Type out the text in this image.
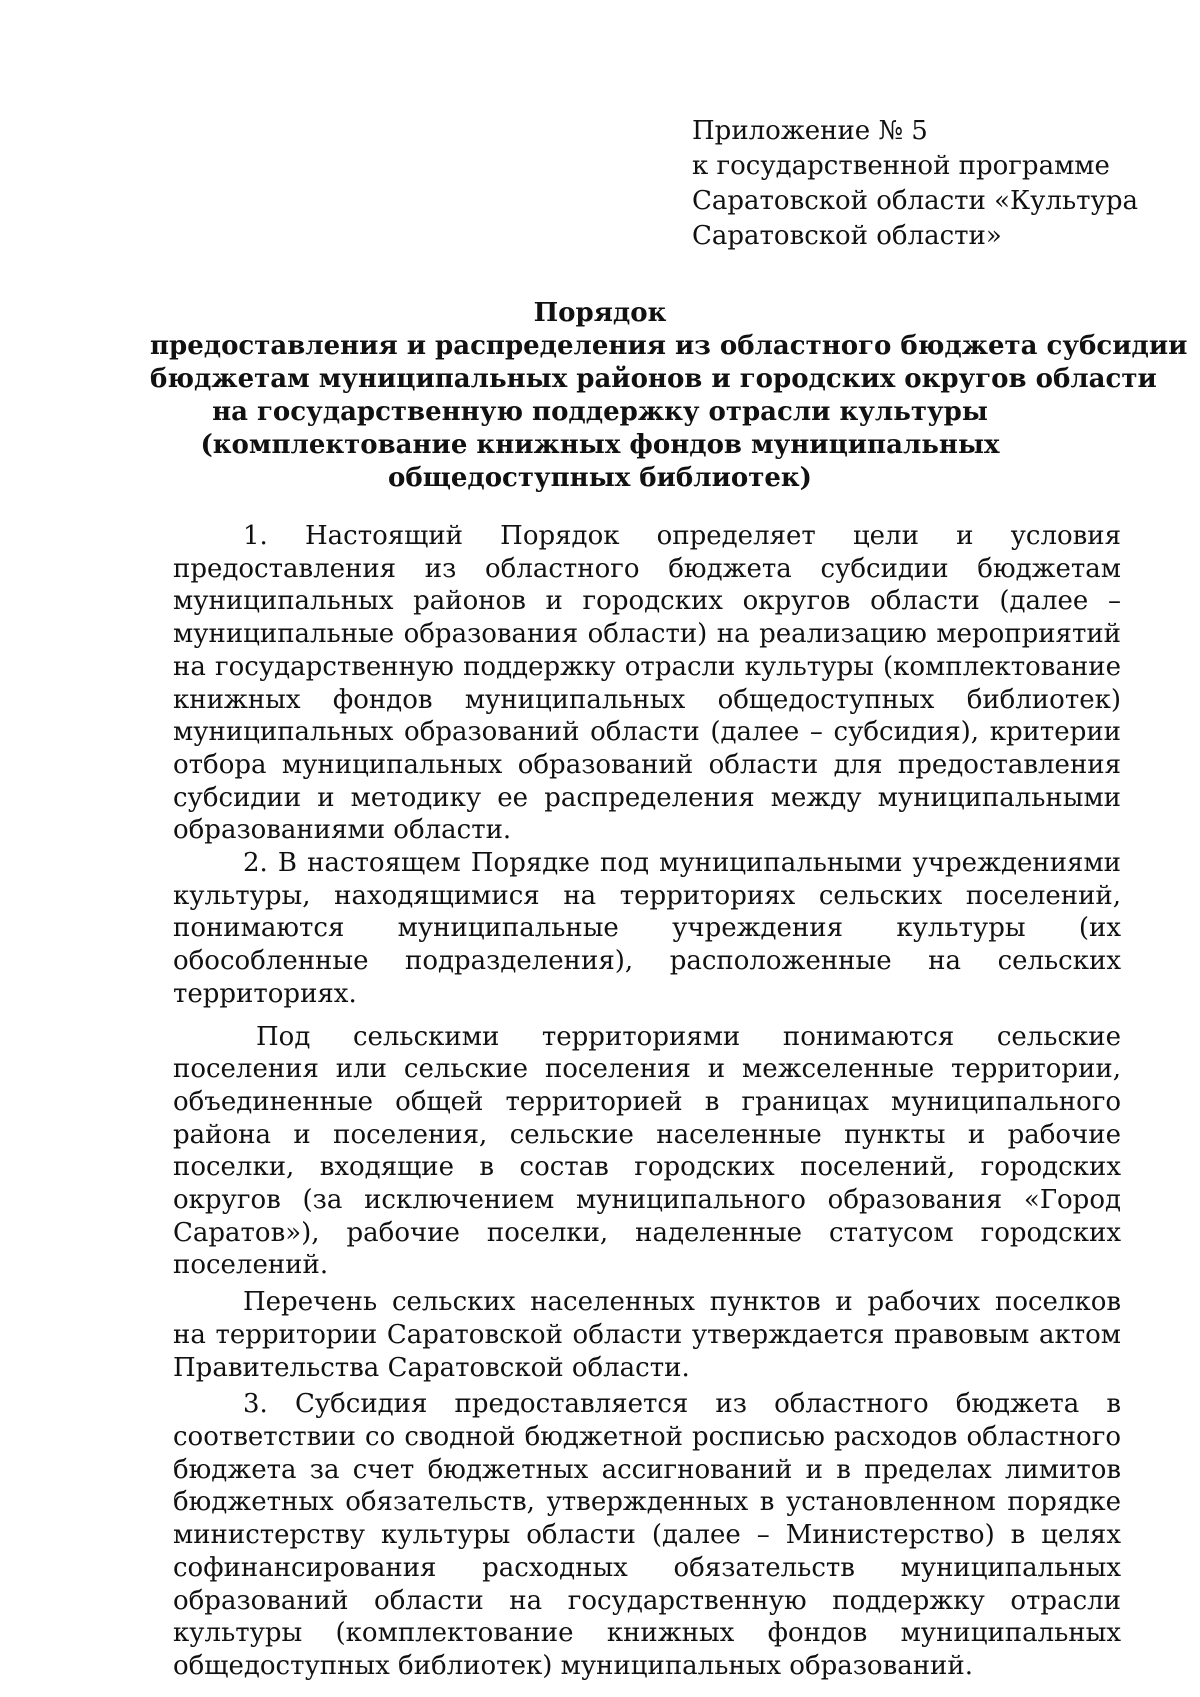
Приложение № 5
к государственной программе
Саратовской области «Культура
Саратовской области»
Порядок
предоставления и распределения из областного бюджета субсидии
бюджетам муниципальных районов и городских округов области
на государственную поддержку отрасли культуры
(комплектование книжных фондов муниципальных
общедоступных библиотек)

1. Настоящий Порядок определяет цели и условия предоставления из областного бюджета субсидии бюджетам муниципальных районов и городских округов области (далее – муниципальные образования области) на реализацию мероприятий на государственную поддержку отрасли культуры (комплектование книжных фондов муниципальных общедоступных библиотек) муниципальных образований области (далее – субсидия), критерии отбора муниципальных образований области для предоставления субсидии и методику ее распределения между муниципальными образованиями области.

2. В настоящем Порядке под муниципальными учреждениями культуры, находящимися на территориях сельских поселений, понимаются муниципальные учреждения культуры (их обособленные подразделения), расположенные на сельских территориях.

Под сельскими территориями понимаются сельские поселения или сельские поселения и межселенные территории, объединенные общей территорией в границах муниципального района и поселения, сельские населенные пункты и рабочие поселки, входящие в состав городских поселений, городских округов (за исключением муниципального образования «Город Саратов»), рабочие поселки, наделенные статусом городских поселений.

Перечень сельских населенных пунктов и рабочих поселков на территории Саратовской области утверждается правовым актом Правительства Саратовской области.

3. Субсидия предоставляется из областного бюджета в соответствии со сводной бюджетной росписью расходов областного бюджета за счет бюджетных ассигнований и в пределах лимитов бюджетных обязательств, утвержденных в установленном порядке министерству культуры области (далее – Министерство) в целях софинансирования расходных обязательств муниципальных образований области на государственную поддержку отрасли культуры (комплектование книжных фондов муниципальных общедоступных библиотек) муниципальных образований.
